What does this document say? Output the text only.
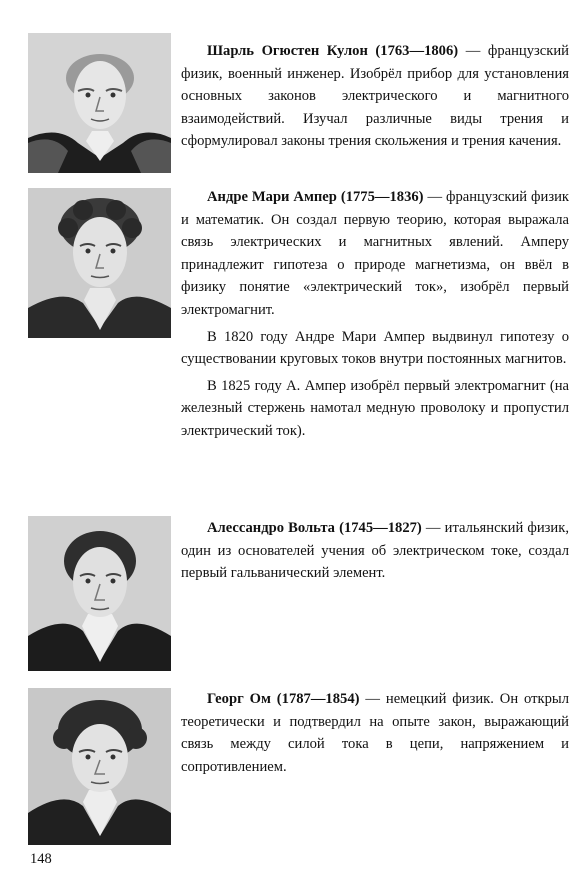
Шарль Огюстен Кулон (1763—1806) — французский физик, военный инженер. Изобрёл прибор для установления основных законов электрического и магнитного взаимодействий. Изучал различные виды трения и сформулировал законы трения скольжения и трения качения.

Андре Мари Ампер (1775—1836) — французский физик и математик. Он создал первую теорию, которая выражала связь электрических и магнитных явлений. Амперу принадлежит гипотеза о природе магнетизма, он ввёл в физику понятие «электрический ток», изобрёл первый электромагнит.

В 1820 году Андре Мари Ампер выдвинул гипотезу о существовании круговых токов внутри постоянных магнитов.

В 1825 году А. Ампер изобрёл первый электромагнит (на железный стержень намотал медную проволоку и пропустил электрический ток).

Алессандро Вольта (1745—1827) — итальянский физик, один из основателей учения об электрическом токе, создал первый гальванический элемент.

Георг Ом (1787—1854) — немецкий физик. Он открыл теоретически и подтвердил на опыте закон, выражающий связь между силой тока в цепи, напряжением и сопротивлением.

148
